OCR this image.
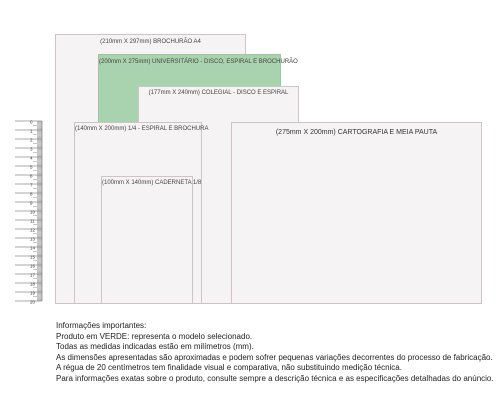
(210mm X 297mm) BROCHURÃO A4
(200mm X 275mm) UNIVERSITÁRIO - DISCO, ESPIRAL E BROCHURÃO
(177mm X 240mm) COLEGIAL - DISCO E ESPIRAL
(140mm X 200mm) 1/4 - ESPIRAL E BROCHURA
(100mm X 140mm) CADERNETA 1/8
(275mm X 200mm) CARTOGRAFIA E MEIA PAUTA
0
1
2
3
4
5
6
7
8
9
10
11
12
13
14
15
16
17
18
19
20
Informações importantes:
Produto em VERDE: representa o modelo selecionado.
Todas as medidas indicadas estão em milímetros (mm).
As dimensões apresentadas são aproximadas e podem sofrer pequenas variações decorrentes do processo de fabricação.
A régua de 20 centímetros tem finalidade visual e comparativa, não substituindo medição técnica.
Para informações exatas sobre o produto, consulte sempre a descrição técnica e as especificações detalhadas do anúncio.
